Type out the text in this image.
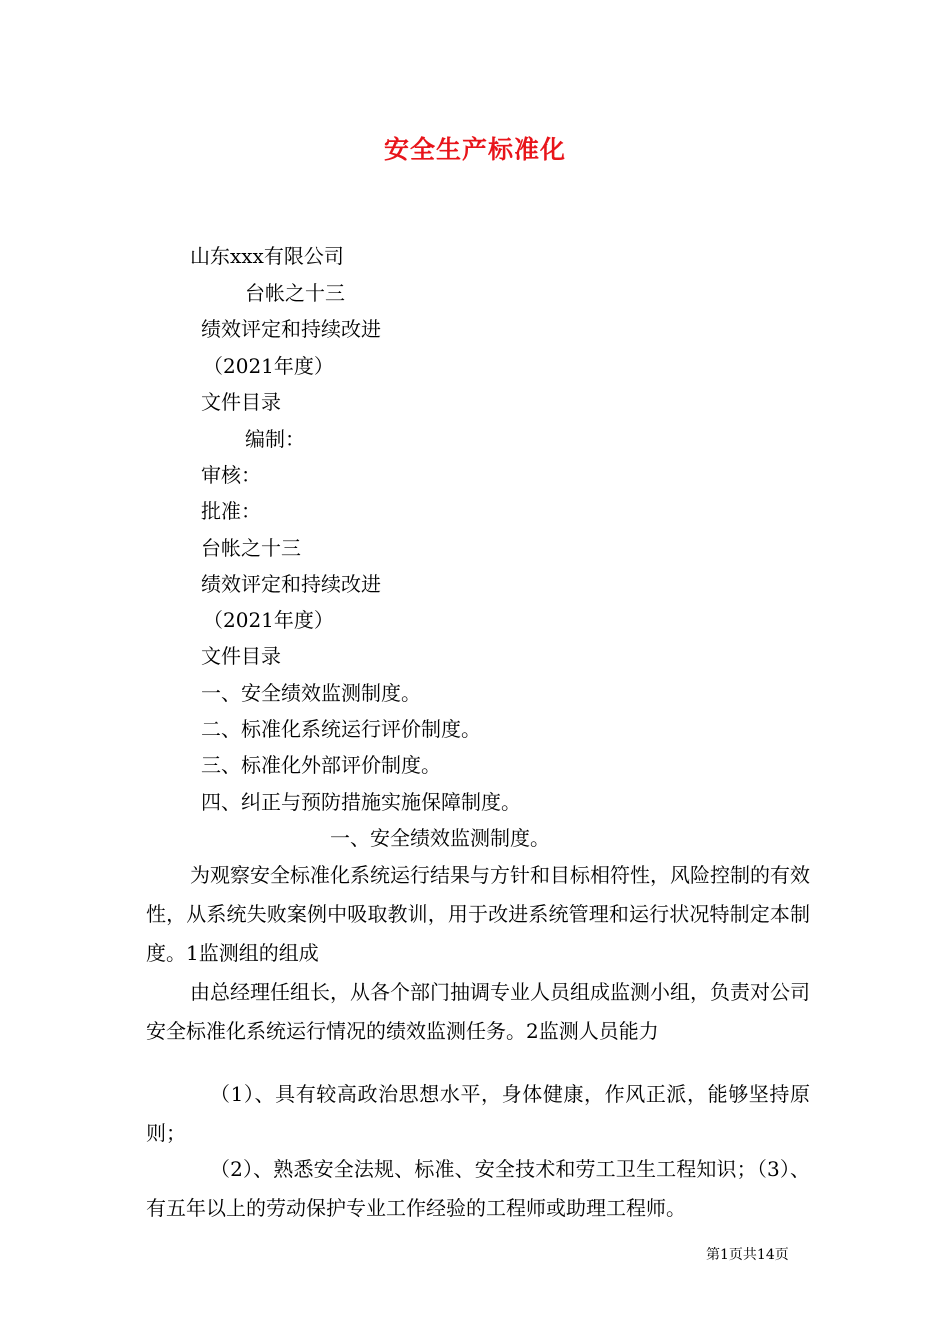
安全生产标准化
山东xxx有限公司
台帐之十三
绩效评定和持续改进
（2021年度）
文件目录
编制：
审核：
批准：
台帐之十三
绩效评定和持续改进
（2021年度）
文件目录
一、安全绩效监测制度。
二、标准化系统运行评价制度。
三、标准化外部评价制度。
四、纠正与预防措施实施保障制度。
一、安全绩效监测制度。
为观察安全标准化系统运行结果与方针和目标相符性，风险控制的有效性，从系统失败案例中吸取教训，用于改进系统管理和运行状况特制定本制度。1监测组的组成
由总经理任组长，从各个部门抽调专业人员组成监测小组，负责对公司安全标准化系统运行情况的绩效监测任务。2监测人员能力
（1）、具有较高政治思想水平，身体健康，作风正派，能够坚持原则；
（2）、熟悉安全法规、标准、安全技术和劳工卫生工程知识；（3）、有五年以上的劳动保护专业工作经验的工程师或助理工程师。
第1页共14页
